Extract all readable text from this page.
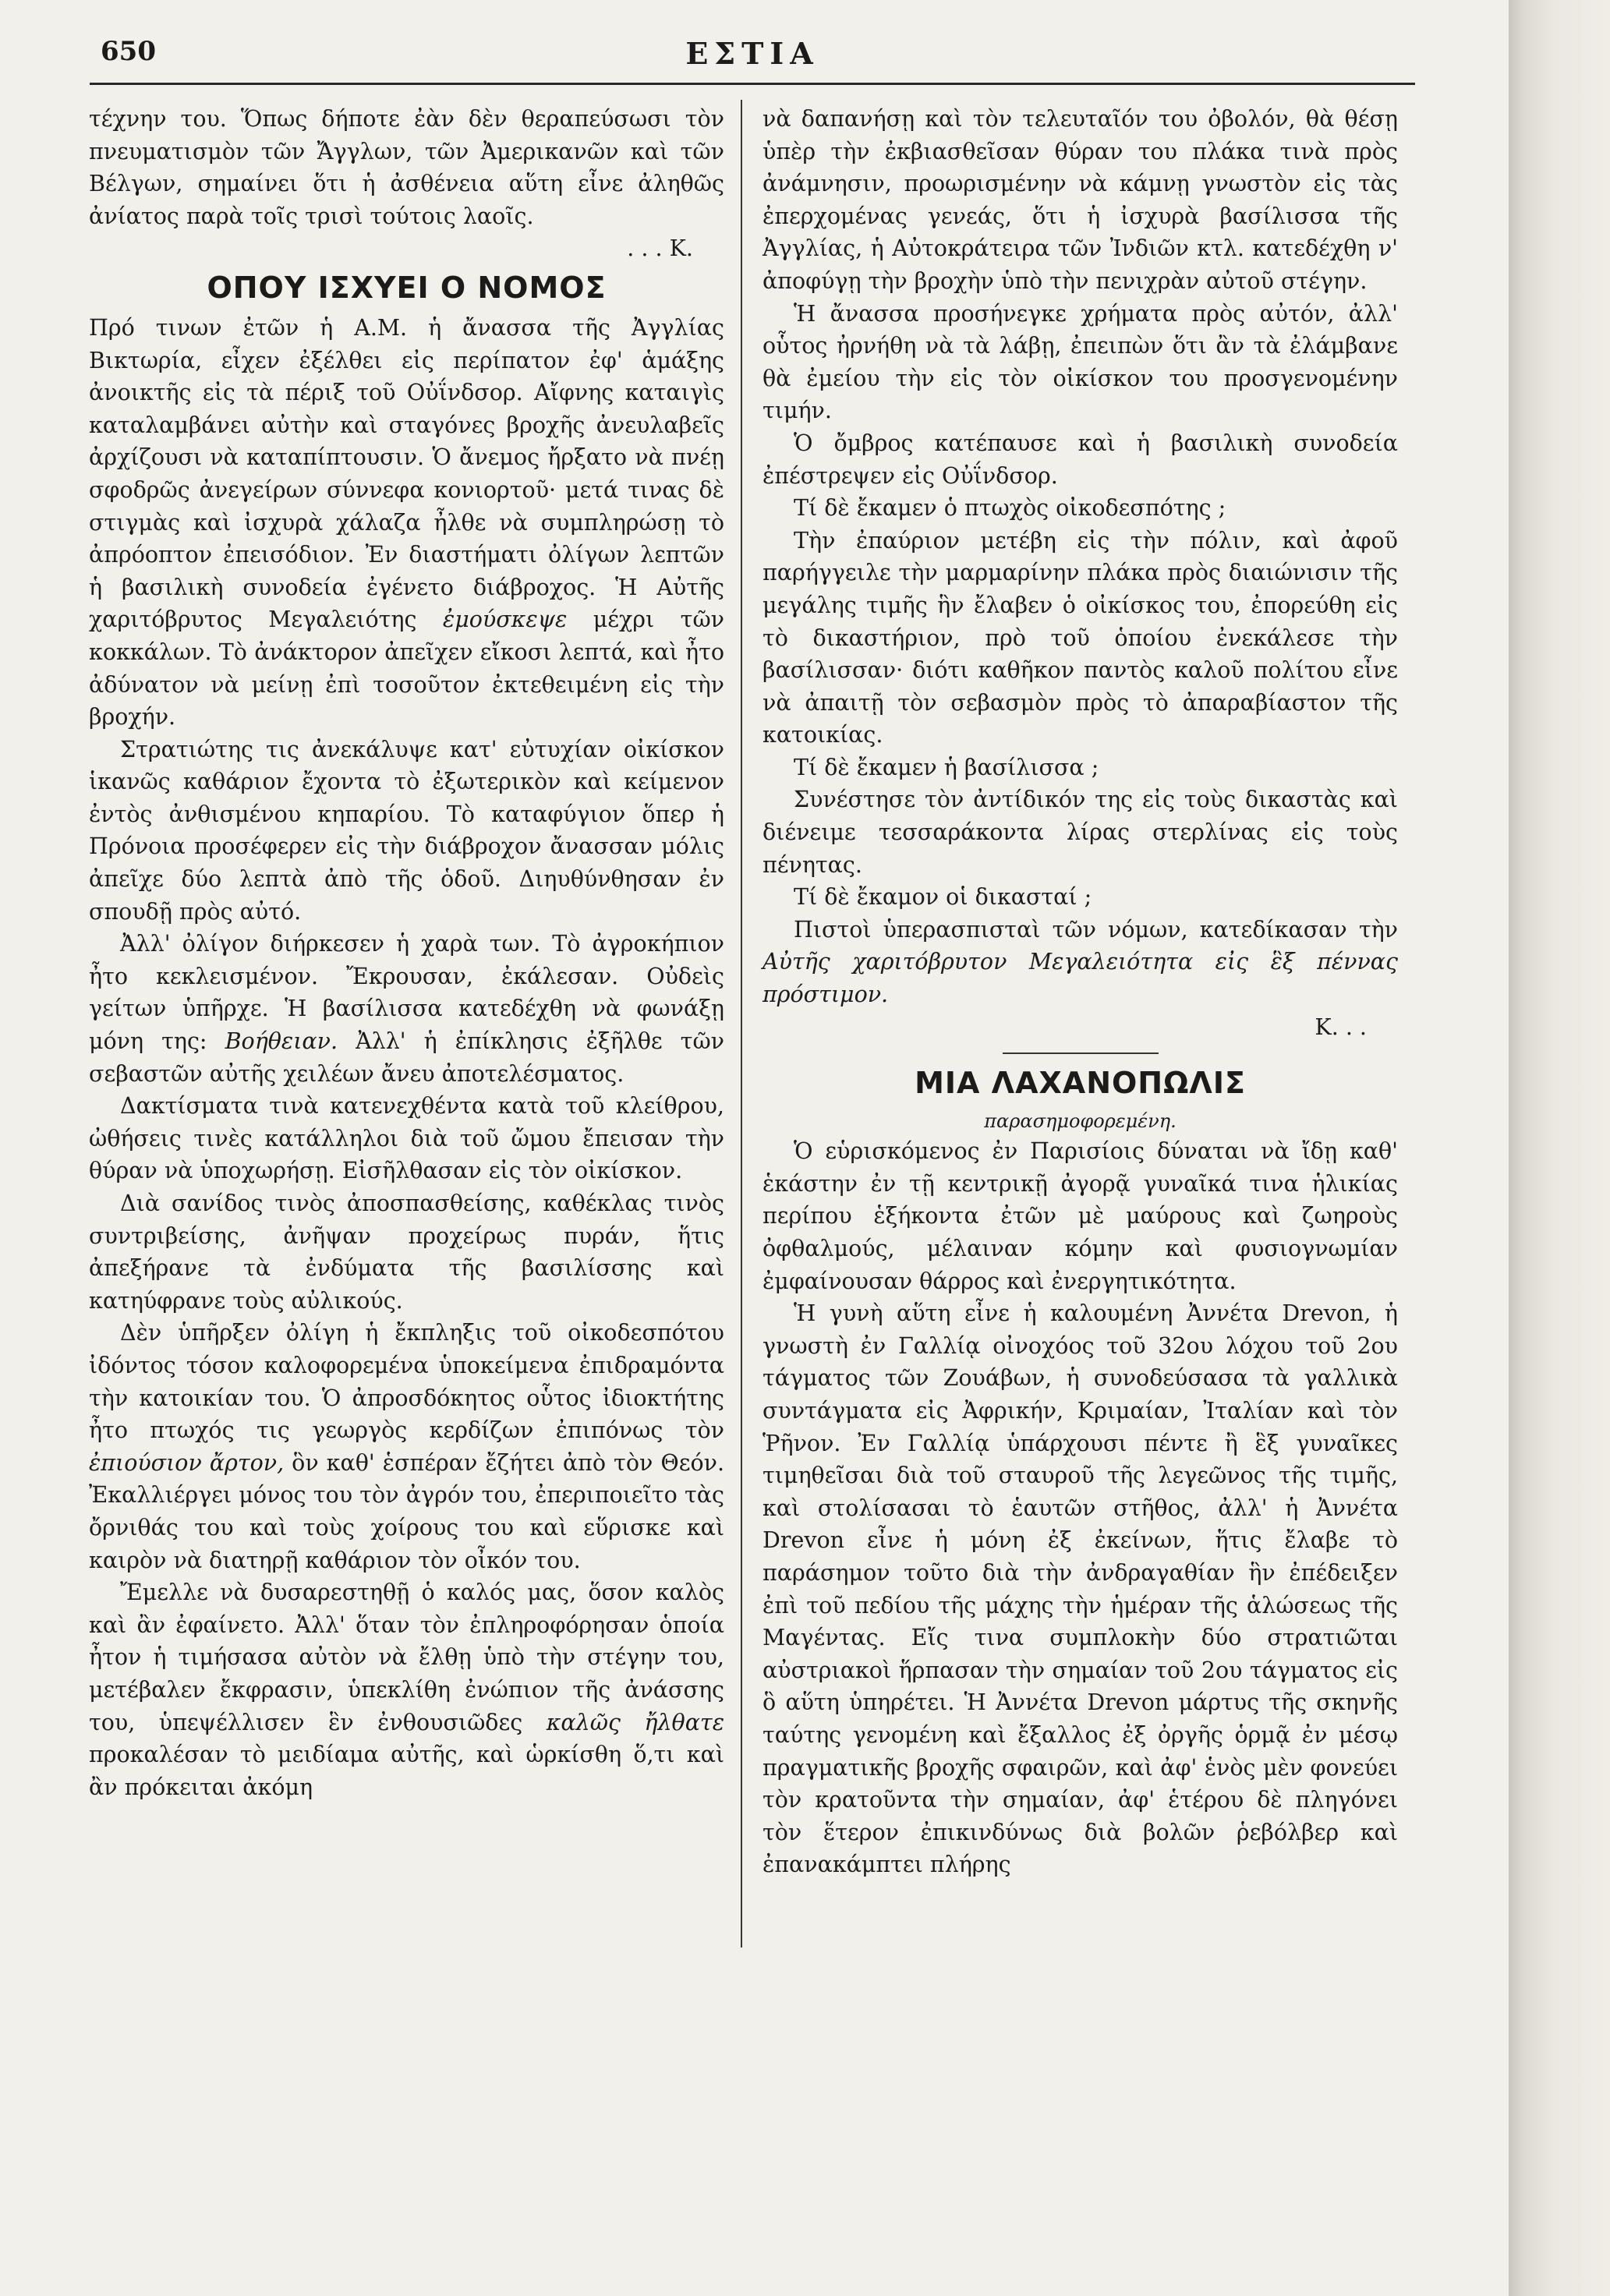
650	ΕΣΤΙΑ

τέχνην του. Ὅπως δήποτε ἐὰν δὲν θεραπεύσωσι τὸν πνευματισμὸν τῶν Ἄγγλων, τῶν Ἀμερικανῶν καὶ τῶν Βέλγων, σημαίνει ὅτι ἡ ἀσθένεια αὕτη εἶνε ἀληθῶς ἀνίατος παρὰ τοῖς τρισὶ τούτοις λαοῖς.

. . . Κ.
ΟΠΟΥ ΙΣΧΥΕΙ Ο ΝΟΜΟΣ

Πρό τινων ἐτῶν ἡ Α.Μ. ἡ ἄνασσα τῆς Ἀγγλίας Βικτωρία, εἶχεν ἐξέλθει εἰς περίπατον ἐφ' ἁμάξης ἀνοικτῆς εἰς τὰ πέριξ τοῦ Οὐΐνδσορ. Αἴφνης καταιγὶς καταλαμβάνει αὐτὴν καὶ σταγόνες βροχῆς ἀνευλαβεῖς ἀρχίζουσι νὰ καταπίπτουσιν. Ὁ ἄνεμος ἤρξατο νὰ πνέῃ σφοδρῶς ἀνεγείρων σύννεφα κονιορτοῦ· μετά τινας δὲ στιγμὰς καὶ ἰσχυρὰ χάλαζα ἦλθε νὰ συμπληρώσῃ τὸ ἀπρόοπτον ἐπεισόδιον. Ἐν διαστήματι ὀλίγων λεπτῶν ἡ βασιλικὴ συνοδεία ἐγένετο διάβροχος. Ἡ Αὐτῆς χαριτόβρυτος Μεγαλειότης ἐμούσκεψε μέχρι τῶν κοκκάλων. Τὸ ἀνάκτορον ἀπεῖχεν εἴκοσι λεπτά, καὶ ἦτο ἀδύνατον νὰ μείνῃ ἐπὶ τοσοῦτον ἐκτεθειμένη εἰς τὴν βροχήν.

Στρατιώτης τις ἀνεκάλυψε κατ' εὐτυχίαν οἰκίσκον ἱκανῶς καθάριον ἔχοντα τὸ ἐξωτερικὸν καὶ κείμενον ἐντὸς ἀνθισμένου κηπαρίου. Τὸ καταφύγιον ὅπερ ἡ Πρόνοια προσέφερεν εἰς τὴν διάβροχον ἄνασσαν μόλις ἀπεῖχε δύο λεπτὰ ἀπὸ τῆς ὁδοῦ. Διηυθύνθησαν ἐν σπουδῇ πρὸς αὐτό.

Ἀλλ' ὀλίγον διήρκεσεν ἡ χαρὰ των. Τὸ ἀγροκήπιον ἦτο κεκλεισμένον. Ἔκρουσαν, ἐκάλεσαν. Οὐδεὶς γείτων ὑπῆρχε. Ἡ βασίλισσα κατεδέχθη νὰ φωνάξῃ μόνη της: Βοήθειαν. Ἀλλ' ἡ ἐπίκλησις ἐξῆλθε τῶν σεβαστῶν αὐτῆς χειλέων ἄνευ ἀποτελέσματος.

Δακτίσματα τινὰ κατενεχθέντα κατὰ τοῦ κλείθρου, ὠθήσεις τινὲς κατάλληλοι διὰ τοῦ ὤμου ἔπεισαν τὴν θύραν νὰ ὑποχωρήσῃ. Εἰσῆλθασαν εἰς τὸν οἰκίσκον.

Διὰ σανίδος τινὸς ἀποσπασθείσης, καθέκλας τινὸς συντριβείσης, ἀνῆψαν προχείρως πυράν, ἥτις ἀπεξήρανε τὰ ἐνδύματα τῆς βασιλίσσης καὶ κατηύφρανε τοὺς αὐλικούς.

Δὲν ὑπῆρξεν ὀλίγη ἡ ἔκπληξις τοῦ οἰκοδεσπότου ἰδόντος τόσον καλοφορεμένα ὑποκείμενα ἐπιδραμόντα τὴν κατοικίαν του. Ὁ ἀπροσδόκητος οὗτος ἰδιοκτήτης ἦτο πτωχός τις γεωργὸς κερδίζων ἐπιπόνως τὸν ἐπιούσιον ἄρτον, ὃν καθ' ἑσπέραν ἔζήτει ἀπὸ τὸν Θεόν. Ἐκαλλιέργει μόνος του τὸν ἀγρόν του, ἐπεριποιεῖτο τὰς ὄρνιθάς του καὶ τοὺς χοίρους του καὶ εὕρισκε καὶ καιρὸν νὰ διατηρῇ καθάριον τὸν οἶκόν του.

Ἔμελλε νὰ δυσαρεστηθῇ ὁ καλός μας, ὅσον καλὸς καὶ ἂν ἐφαίνετο. Ἀλλ' ὅταν τὸν ἐπληροφόρησαν ὁποία ἦτον ἡ τιμήσασα αὐτὸν νὰ ἔλθῃ ὑπὸ τὴν στέγην του, μετέβαλεν ἔκφρασιν, ὑπεκλίθη ἐνώπιον τῆς ἀνάσσης του, ὑπεψέλλισεν ἓν ἐνθουσιῶδες καλῶς ἤλθατε προκαλέσαν τὸ μειδίαμα αὐτῆς, καὶ ὡρκίσθη ὅ,τι καὶ ἂν πρόκειται ἀκόμη

νὰ δαπανήσῃ καὶ τὸν τελευταῖόν του ὀβολόν, θὰ θέσῃ ὑπὲρ τὴν ἐκβιασθεῖσαν θύραν του πλάκα τινὰ πρὸς ἀνάμνησιν, προωρισμένην νὰ κάμνῃ γνωστὸν εἰς τὰς ἐπερχομένας γενεάς, ὅτι ἡ ἰσχυρὰ βασίλισσα τῆς Ἀγγλίας, ἡ Αὐτοκράτειρα τῶν Ἰνδιῶν κτλ. κατεδέχθη ν' ἀποφύγῃ τὴν βροχὴν ὑπὸ τὴν πενιχρὰν αὐτοῦ στέγην.

Ἡ ἄνασσα προσήνεγκε χρήματα πρὸς αὐτόν, ἀλλ' οὗτος ἠρνήθη νὰ τὰ λάβῃ, ἐπειπὼν ὅτι ἂν τὰ ἐλάμβανε θὰ ἐμείου τὴν εἰς τὸν οἰκίσκον του προσγενομένην τιμήν.

Ὁ ὄμβρος κατέπαυσε καὶ ἡ βασιλικὴ συνοδεία ἐπέστρεψεν εἰς Οὐΐνδσορ.

Τί δὲ ἔκαμεν ὁ πτωχὸς οἰκοδεσπότης ;

Τὴν ἐπαύριον μετέβη εἰς τὴν πόλιν, καὶ ἀφοῦ παρήγγειλε τὴν μαρμαρίνην πλάκα πρὸς διαιώνισιν τῆς μεγάλης τιμῆς ἣν ἔλαβεν ὁ οἰκίσκος του, ἐπορεύθη εἰς τὸ δικαστήριον, πρὸ τοῦ ὁποίου ἐνεκάλεσε τὴν βασίλισσαν· διότι καθῆκον παντὸς καλοῦ πολίτου εἶνε νὰ ἀπαιτῇ τὸν σεβασμὸν πρὸς τὸ ἀπαραβίαστον τῆς κατοικίας.

Τί δὲ ἔκαμεν ἡ βασίλισσα ;

Συνέστησε τὸν ἀντίδικόν της εἰς τοὺς δικαστὰς καὶ διένειμε τεσσαράκοντα λίρας στερλίνας εἰς τοὺς πένητας.

Τί δὲ ἔκαμον οἱ δικασταί ;

Πιστοὶ ὑπερασπισταὶ τῶν νόμων, κατεδίκασαν τὴν Αὐτῆς χαριτόβρυτον Μεγαλειότητα εἰς ἓξ πέννας πρόστιμον.

Κ. . .
ΜΙΑ ΛΑΧΑΝΟΠΩΛΙΣ
παρασημοφορεμένη.

Ὁ εὑρισκόμενος ἐν Παρισίοις δύναται νὰ ἴδῃ καθ' ἑκάστην ἐν τῇ κεντρικῇ ἀγορᾷ γυναῖκά τινα ἡλικίας περίπου ἑξήκοντα ἐτῶν μὲ μαύρους καὶ ζωηροὺς ὀφθαλμούς, μέλαιναν κόμην καὶ φυσιογνωμίαν ἐμφαίνουσαν θάρρος καὶ ἐνεργητικότητα.

Ἡ γυνὴ αὕτη εἶνε ἡ καλουμένη Ἀννέτα Drevon, ἡ γνωστὴ ἐν Γαλλίᾳ οἰνοχόος τοῦ 32ου λόχου τοῦ 2ου τάγματος τῶν Ζουάβων, ἡ συνοδεύσασα τὰ γαλλικὰ συντάγματα εἰς Ἀφρικήν, Κριμαίαν, Ἰταλίαν καὶ τὸν Ῥῆνον. Ἐν Γαλλίᾳ ὑπάρχουσι πέντε ἢ ἓξ γυναῖκες τιμηθεῖσαι διὰ τοῦ σταυροῦ τῆς λεγεῶνος τῆς τιμῆς, καὶ στολίσασαι τὸ ἑαυτῶν στῆθος, ἀλλ' ἡ Ἀννέτα Drevon εἶνε ἡ μόνη ἐξ ἐκείνων, ἥτις ἔλαβε τὸ παράσημον τοῦτο διὰ τὴν ἀνδραγαθίαν ἣν ἐπέδειξεν ἐπὶ τοῦ πεδίου τῆς μάχης τὴν ἡμέραν τῆς ἁλώσεως τῆς Μαγέντας. Εἴς τινα συμπλοκὴν δύο στρατιῶται αὐστριακοὶ ἥρπασαν τὴν σημαίαν τοῦ 2ου τάγματος εἰς ὃ αὕτη ὑπηρέτει. Ἡ Ἀννέτα Drevon μάρτυς τῆς σκηνῆς ταύτης γενομένη καὶ ἔξαλλος ἐξ ὀργῆς ὁρμᾷ ἐν μέσῳ πραγματικῆς βροχῆς σφαιρῶν, καὶ ἀφ' ἑνὸς μὲν φονεύει τὸν κρατοῦντα τὴν σημαίαν, ἀφ' ἑτέρου δὲ πληγόνει τὸν ἕτερον ἐπικινδύνως διὰ βολῶν ῥεβόλβερ καὶ ἐπανακάμπτει πλήρης
